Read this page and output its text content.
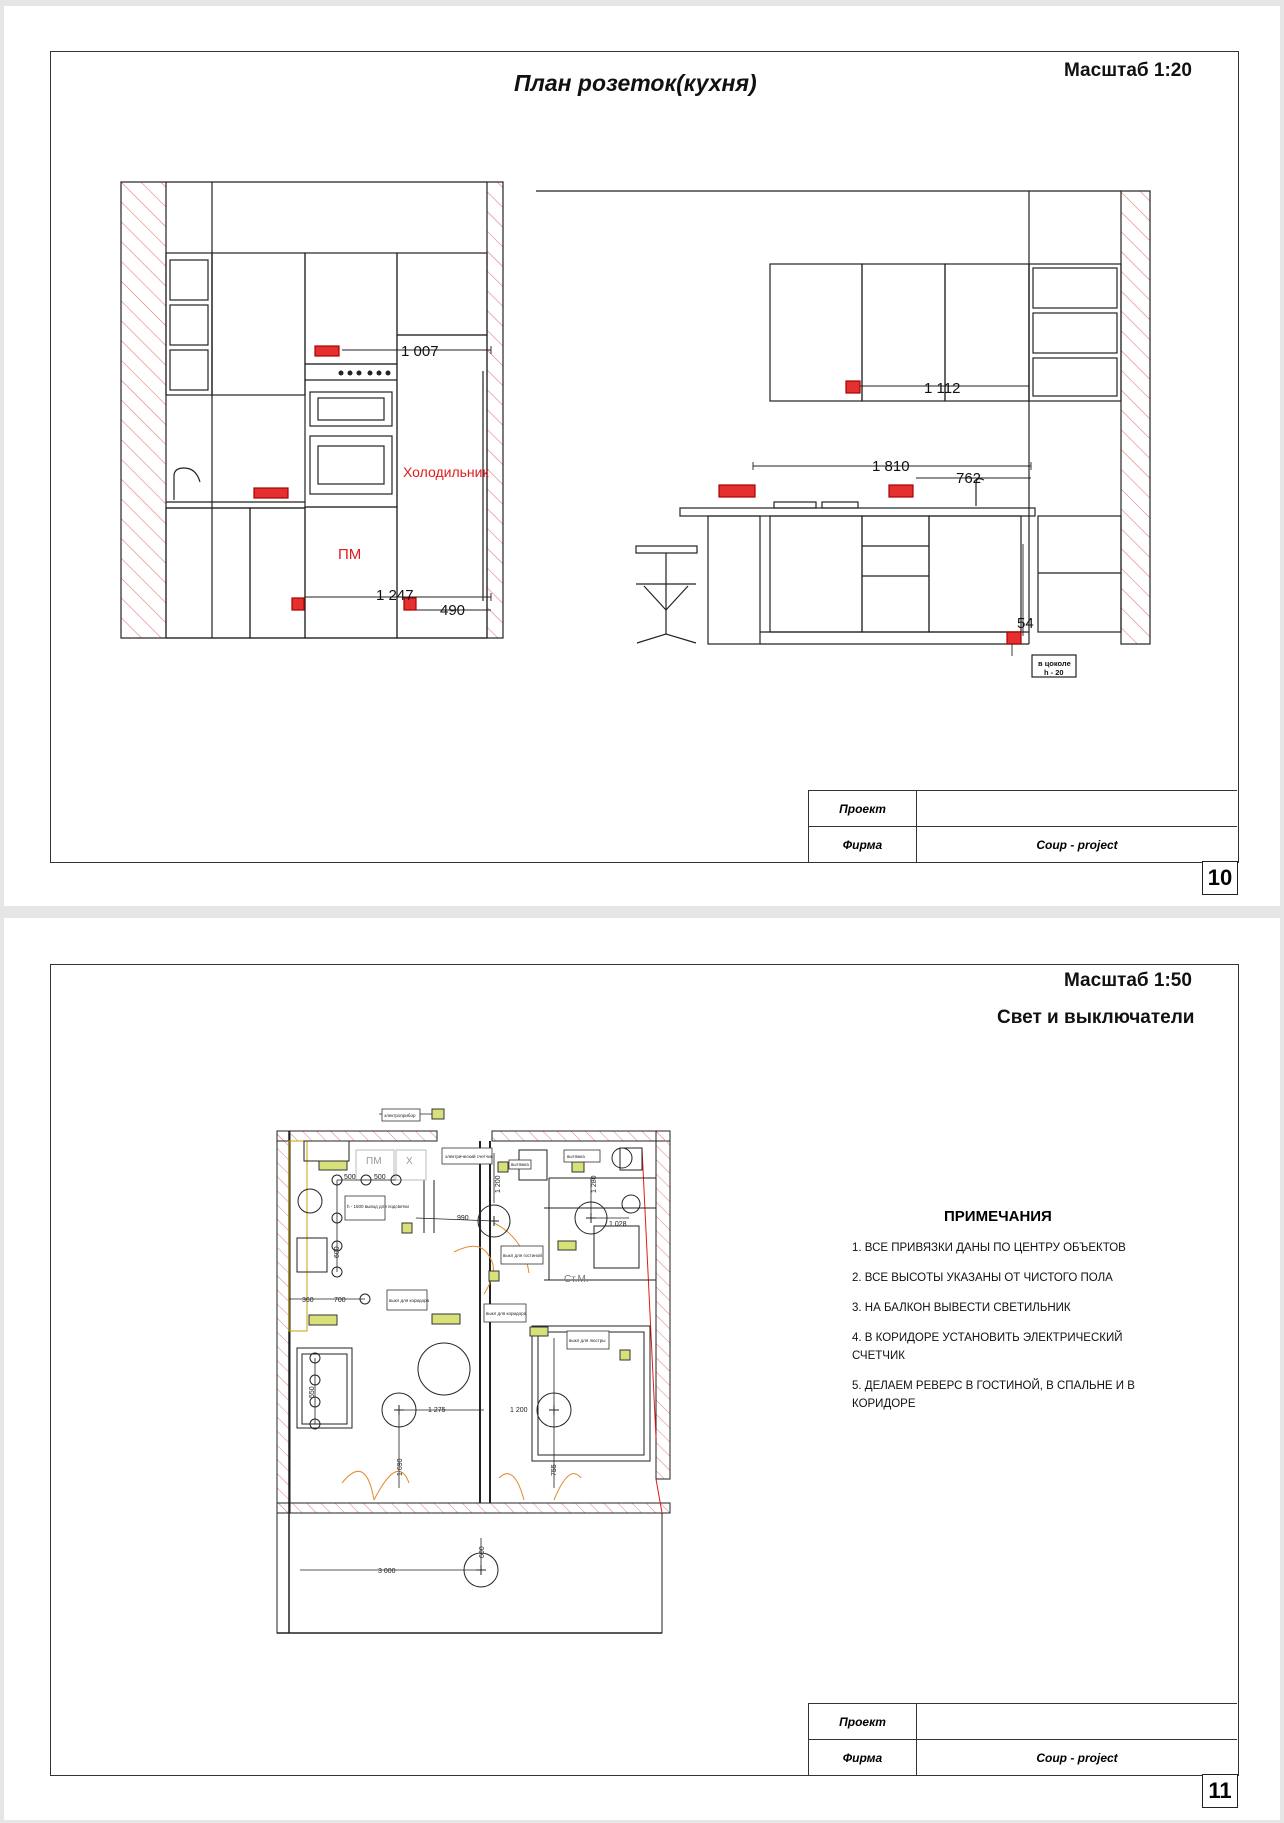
План розеток(кухня)	Масштаб 1:20
1 007
1 247
490
1 112
1 810
762
54
Холодильник
ПМ
в цоколе
h - 20
Проект
Фирма	Coup - project
10
Масштаб 1:50
Свет и выключатели
ПМ Х
Ст.М.
500	500
990
1 200	1 280
1 028
360	700
1 275	1 200
1 690	755
3 000
600
550
600
электроприбор
электрический счетчик	вытяжка
h - 1500 вывод для подсветки
выкл для коридора
выкл для гостиной
выкл для коридора
выкл для люстры
вытяжка
ПРИМЕЧАНИЯ
1. ВСЕ ПРИВЯЗКИ ДАНЫ ПО ЦЕНТРУ ОБЪЕКТОВ
2. ВСЕ ВЫСОТЫ УКАЗАНЫ ОТ ЧИСТОГО ПОЛА
3. НА БАЛКОН ВЫВЕСТИ СВЕТИЛЬНИК
4. В КОРИДОРЕ УСТАНОВИТЬ ЭЛЕКТРИЧЕСКИЙ СЧЕТЧИК
5. ДЕЛАЕМ РЕВЕРС В ГОСТИНОЙ, В СПАЛЬНЕ И В КОРИДОРЕ
Проект
Фирма	Coup - project
11
